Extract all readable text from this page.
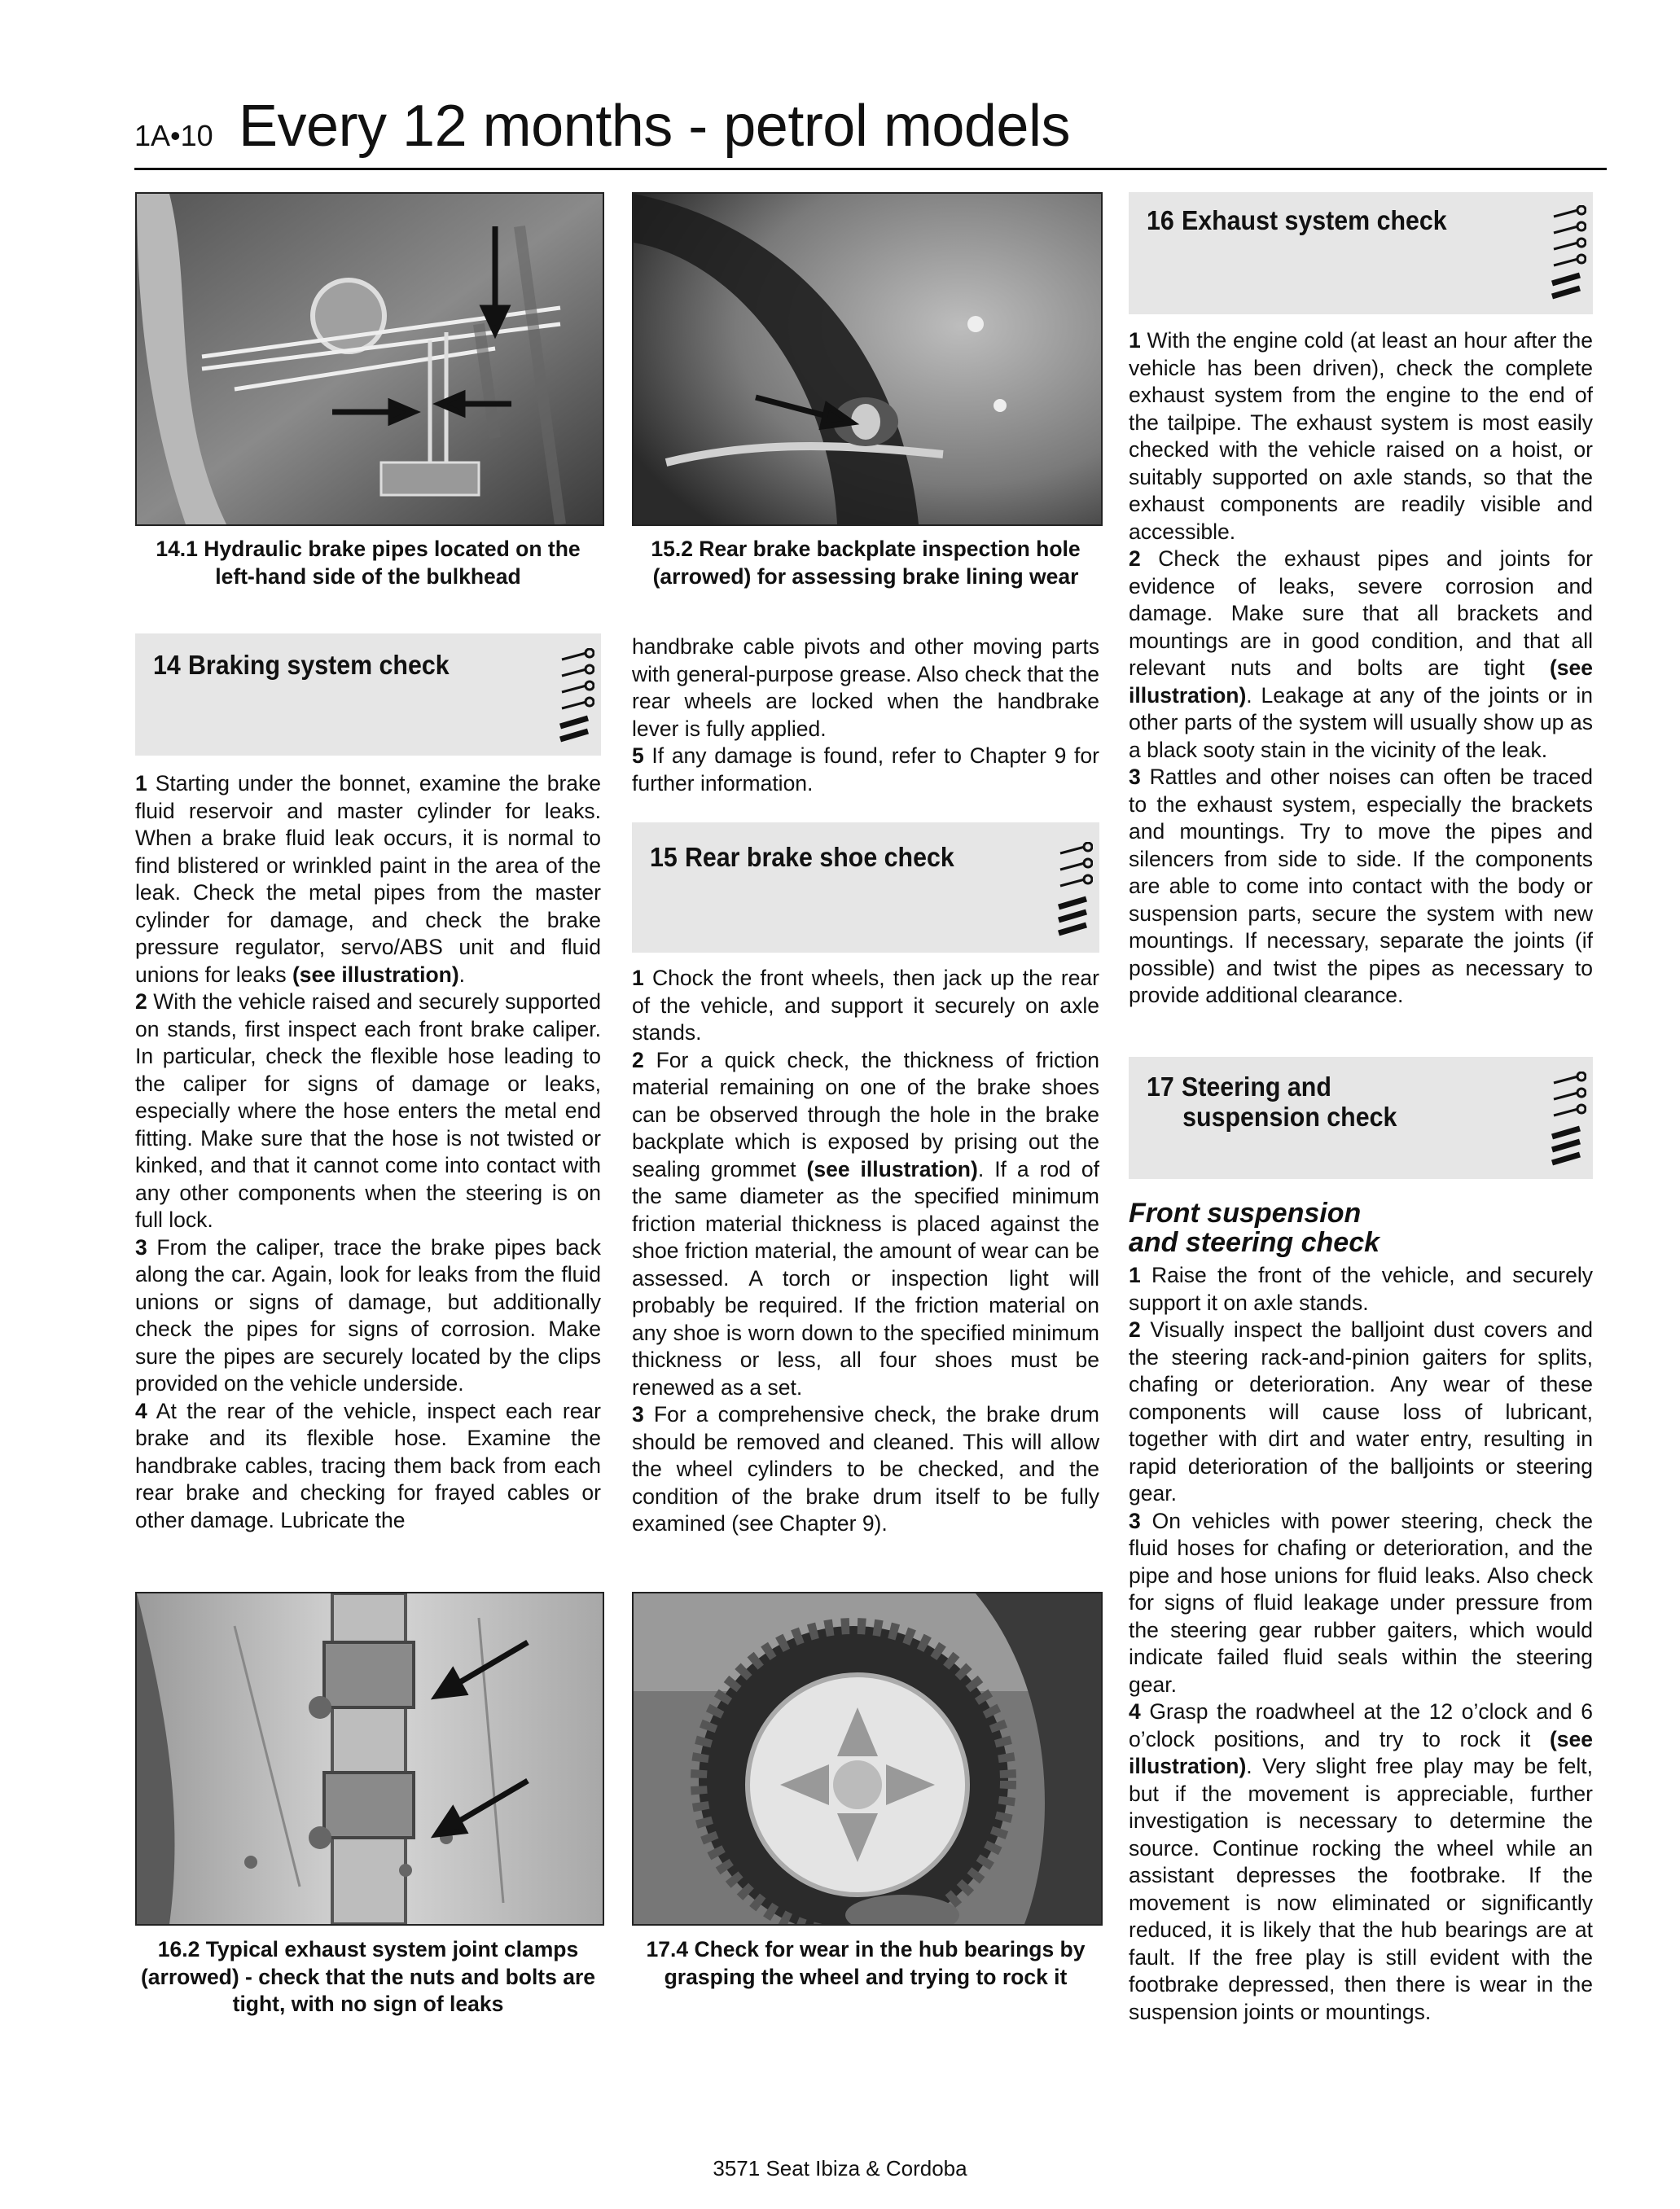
1A•10 Every 12 months - petrol models
14.1 Hydraulic brake pipes located on the left-hand side of the bulkhead
15.2 Rear brake backplate inspection hole (arrowed) for assessing brake lining wear
16.2 Typical exhaust system joint clamps (arrowed) - check that the nuts and bolts are tight, with no sign of leaks
17.4 Check for wear in the hub bearings by grasping the wheel and trying to rock it
14 Braking system check

1 Starting under the bonnet, examine the brake fluid reservoir and master cylinder for leaks. When a brake fluid leak occurs, it is normal to find blistered or wrinkled paint in the area of the leak. Check the metal pipes from the master cylinder for damage, and check the brake pressure regulator, servo/ABS unit and fluid unions for leaks (see illustration).

2 With the vehicle raised and securely supported on stands, first inspect each front brake caliper. In particular, check the flexible hose leading to the caliper for signs of damage or leaks, especially where the hose enters the metal end fitting. Make sure that the hose is not twisted or kinked, and that it cannot come into contact with any other components when the steering is on full lock.

3 From the caliper, trace the brake pipes back along the car. Again, look for leaks from the fluid unions or signs of damage, but additionally check the pipes for signs of corrosion. Make sure the pipes are securely located by the clips provided on the vehicle underside.

4 At the rear of the vehicle, inspect each rear brake and its flexible hose. Examine the handbrake cables, tracing them back from each rear brake and checking for frayed cables or other damage. Lubricate the

handbrake cable pivots and other moving parts with general-purpose grease. Also check that the rear wheels are locked when the handbrake lever is fully applied.

5 If any damage is found, refer to Chapter 9 for further information.

15 Rear brake shoe check

1 Chock the front wheels, then jack up the rear of the vehicle, and support it securely on axle stands.

2 For a quick check, the thickness of friction material remaining on one of the brake shoes can be observed through the hole in the brake backplate which is exposed by prising out the sealing grommet (see illustration). If a rod of the same diameter as the specified minimum friction material thickness is placed against the shoe friction material, the amount of wear can be assessed. A torch or inspection light will probably be required. If the friction material on any shoe is worn down to the specified minimum thickness or less, all four shoes must be renewed as a set.

3 For a comprehensive check, the brake drum should be removed and cleaned. This will allow the wheel cylinders to be checked, and the condition of the brake drum itself to be fully examined (see Chapter 9).

16 Exhaust system check

1 With the engine cold (at least an hour after the vehicle has been driven), check the complete exhaust system from the engine to the end of the tailpipe. The exhaust system is most easily checked with the vehicle raised on a hoist, or suitably supported on axle stands, so that the exhaust components are readily visible and accessible.

2 Check the exhaust pipes and joints for evidence of leaks, severe corrosion and damage. Make sure that all brackets and mountings are in good condition, and that all relevant nuts and bolts are tight (see illustration). Leakage at any of the joints or in other parts of the system will usually show up as a black sooty stain in the vicinity of the leak.

3 Rattles and other noises can often be traced to the exhaust system, especially the brackets and mountings. Try to move the pipes and silencers from side to side. If the components are able to come into contact with the body or suspension parts, secure the system with new mountings. If necessary, separate the joints (if possible) and twist the pipes as necessary to provide additional clearance.

17 Steering and
suspension check
Front suspension
and steering check

1 Raise the front of the vehicle, and securely support it on axle stands.

2 Visually inspect the balljoint dust covers and the steering rack-and-pinion gaiters for splits, chafing or deterioration. Any wear of these components will cause loss of lubricant, together with dirt and water entry, resulting in rapid deterioration of the balljoints or steering gear.

3 On vehicles with power steering, check the fluid hoses for chafing or deterioration, and the pipe and hose unions for fluid leaks. Also check for signs of fluid leakage under pressure from the steering gear rubber gaiters, which would indicate failed fluid seals within the steering gear.

4 Grasp the roadwheel at the 12 o’clock and 6 o’clock positions, and try to rock it (see illustration). Very slight free play may be felt, but if the movement is appreciable, further investigation is necessary to determine the source. Continue rocking the wheel while an assistant depresses the footbrake. If the movement is now eliminated or significantly reduced, it is likely that the hub bearings are at fault. If the free play is still evident with the footbrake depressed, then there is wear in the suspension joints or mountings.

3571 Seat Ibiza & Cordoba
